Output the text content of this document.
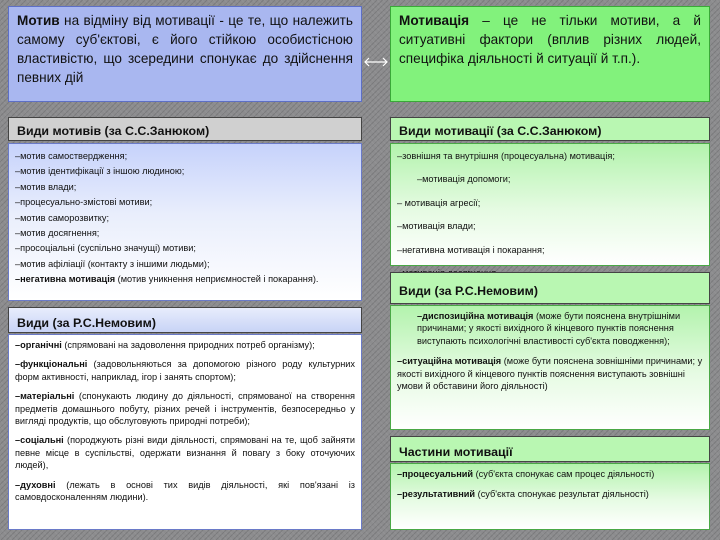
Мотив на відміну від мотивації - це те, що належить самому суб'єктові, є його стійкою особистісною властивістю, що зсередини спонукає до здійснення певних дій
Мотивація – це не тільки мотиви, а й ситуативні фактори (вплив різних людей, специфіка діяльності й ситуації й т.п.).
Види мотивів (за С.С.Занюком)

–мотив самоствердження;

–мотив ідентифікації з іншою людиною;

–мотив влади;

–процесуально-змістові мотиви;

–мотив саморозвитку;

–мотив досягнення;

–просоціальні (суспільно значущі) мотиви;

–мотив афіліації (контакту з іншими людьми);

–негативна мотивація (мотив уникнення неприємностей і покарання).

Види (за Р.С.Немовим)

–органічні (спрямовані на задоволення природних потреб організму);

–функціональні (задовольняються за допомогою різного роду культурних форм активності, наприклад, ігор і занять спортом);

–матеріальні (спонукають людину до діяльності, спрямованої на створення предметів домашнього побуту, різних речей і інструментів, безпосередньо у вигляді продуктів, що обслуговують природні потреби);

–соціальні (породжують різні види діяльності, спрямовані на те, щоб зайняти певне місце в суспільстві, одержати визнання й повагу з боку оточуючих людей),

–духовні (лежать в основі тих видів діяльності, які пов'язані із самовдосконаленням людини).

Види мотивації (за С.С.Занюком)

–зовнішня та внутрішня (процесуальна) мотивація;

–мотивація допомоги;

– мотивація агресії;

–мотивація влади;

–негативна мотивація і покарання;

Види (за Р.С.Немовим)

–диспозиційна мотивація (може бути пояснена внутрішніми причинами; у якості вихідного й кінцевого пунктів пояснення виступають психологічні властивості суб'єкта поводження);

–ситуаційна мотивація (може бути пояснена зовнішніми причинами; у якості вихідного й кінцевого пунктів пояснення виступають зовнішні умови й обставини його діяльності)

Частини мотивації

–процесуальний (суб'єкта спонукає сам процес діяльності)

–результативний (суб'єкта спонукає результат діяльності)
